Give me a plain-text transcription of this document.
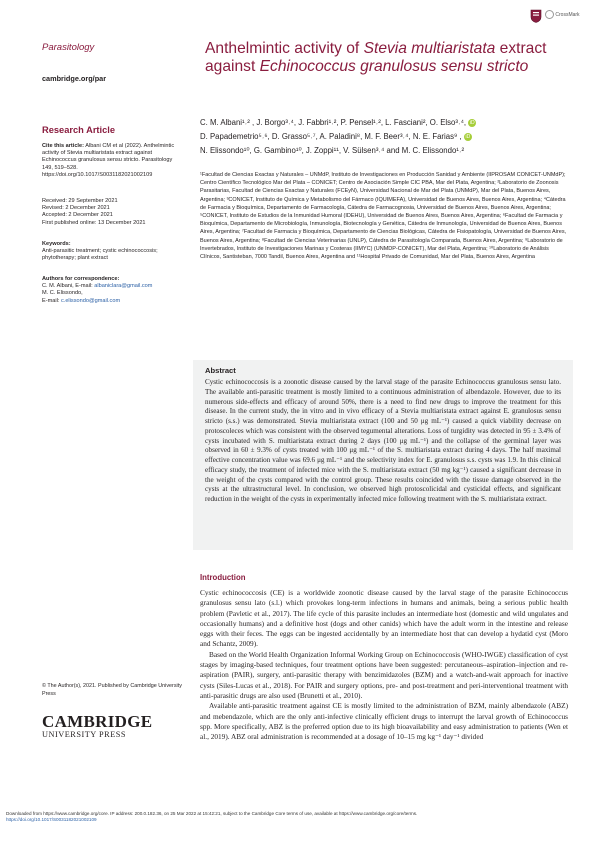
CrossMark
Parasitology
cambridge.org/par
Research Article

Cite this article: Albani CM et al (2022). Anthelmintic activity of Stevia multiaristata extract against Echinococcus granulosus sensu stricto. Parasitology 149, 519–528. https://doi.org/10.1017/S0031182021002109

Received: 29 September 2021

Revised: 2 December 2021

Accepted: 2 December 2021

First published online: 13 December 2021

Keywords:

Anti-parasitic treatment; cystic echinococcosis; phytotherapy; plant extract

Authors for correspondence:

C. M. Albani, E-mail: albaniclara@gmail.com

M. C. Elissondo,

E-mail: c.elissondo@gmail.com

© The Author(s), 2021. Published by Cambridge University Press
CAMBRIDGE
UNIVERSITY PRESS
Anthelmintic activity of Stevia multiaristata extract against Echinococcus granulosus sensu stricto
C. M. Albani¹˒² , J. Borgo³˒⁴, J. Fabbri¹˒², P. Pensel¹˒², L. Fasciani², O. Elso³˒⁴, iD
D. Papademetrio⁵˒⁶, D. Grasso⁵˒⁷, A. Paladini⁸, M. F. Beer³˒⁴, N. E. Farias⁹ , iD
N. Elissondo¹⁰, G. Gambino¹⁰, J. Zoppi¹¹, V. Sülsen³˒⁴ and M. C. Elissondo¹˒²
¹Facultad de Ciencias Exactas y Naturales – UNMdP, Instituto de Investigaciones en Producción Sanidad y Ambiente (IIPROSAM CONICET-UNMdP); Centro Científico Tecnológico Mar del Plata – CONICET; Centro de Asociación Simple CIC PBA, Mar del Plata, Argentina; ²Laboratorio de Zoonosis Parasitarias, Facultad de Ciencias Exactas y Naturales (FCEyN), Universidad Nacional de Mar del Plata (UNMdP), Mar del Plata, Buenos Aires, Argentina; ³CONICET, Instituto de Química y Metabolismo del Fármaco (IQUIMEFA), Universidad de Buenos Aires, Buenos Aires, Argentina; ⁴Cátedra de Farmacia y Bioquímica, Departamento de Farmacología, Cátedra de Farmacognosia, Universidad de Buenos Aires, Buenos Aires, Argentina; ⁵CONICET, Instituto de Estudios de la Inmunidad Humoral (IDEHU), Universidad de Buenos Aires, Buenos Aires, Argentina; ⁶Facultad de Farmacia y Bioquímica, Departamento de Microbiología, Inmunología, Biotecnología y Genética, Cátedra de Inmunología, Universidad de Buenos Aires, Buenos Aires, Argentina; ⁷Facultad de Farmacia y Bioquímica, Departamento de Ciencias Biológicas, Cátedra de Fisiopatología, Universidad de Buenos Aires, Buenos Aires, Argentina; ⁸Facultad de Ciencias Veterinarias (UNLP), Cátedra de Parasitología Comparada, Buenos Aires, Argentina; ⁹Laboratorio de Invertebrados, Instituto de Investigaciones Marinas y Costeras (IIMYC) (UNMDP-CONICET), Mar del Plata, Argentina; ¹⁰Laboratorio de Análisis Clínicos, Santisteban, 7000 Tandil, Buenos Aires, Argentina and ¹¹Hospital Privado de Comunidad, Mar del Plata, Buenos Aires, Argentina
Abstract
Cystic echinococcosis is a zoonotic disease caused by the larval stage of the parasite Echinococcus granulosus sensu lato. The available anti-parasitic treatment is mostly limited to a continuous administration of albendazole. However, due to its numerous side-effects and efficacy of around 50%, there is a need to find new drugs to improve the treatment for this disease. In the current study, the in vitro and in vivo efficacy of a Stevia multiaristata extract against E. granulosus sensu stricto (s.s.) was demonstrated. Stevia multiaristata extract (100 and 50 μg mL⁻¹) caused a quick viability decrease on protoscoleces which was consistent with the observed tegumental alterations. Loss of turgidity was detected in 95 ± 3.4% of cysts incubated with S. multiaristata extract during 2 days (100 μg mL⁻¹) and the collapse of the germinal layer was observed in 60 ± 9.3% of cysts treated with 100 μg mL⁻¹ of the S. multiaristata extract during 4 days. The half maximal effective concentration value was 69.6 μg mL⁻¹ and the selectivity index for E. granulosus s.s. cysts was 1.9. In this clinical efficacy study, the treatment of infected mice with the S. multiaristata extract (50 mg kg⁻¹) caused a significant decrease in the weight of the cysts compared with the control group. These results coincided with the tissue damage observed in the cysts at the ultrastructural level. In conclusion, we observed high protoscolicidal and cysticidal effects, and significant reduction in the weight of the cysts in experimentally infected mice following treatment with the S. multiaristata extract.
Introduction

Cystic echinococcosis (CE) is a worldwide zoonotic disease caused by the larval stage of the parasite Echinococcus granulosus sensu lato (s.l.) which provokes long-term infections in humans and animals, being a serious public health problem (Pavletic et al., 2017). The life cycle of this parasite includes an intermediate host (domestic and wild ungulates and occasionally humans) and a definitive host (dogs and other canids) which have the adult worm in the intestine and release eggs with their feces. The eggs can be ingested accidentally by an intermediate host that can develop a hydatid cyst (Moro and Schantz, 2009).

Based on the World Health Organization Informal Working Group on Echinococcosis (WHO-IWGE) classification of cyst stages by imaging-based techniques, four treatment options have been suggested: percutaneous–aspiration–injection and re-aspiration (PAIR), surgery, anti-parasitic therapy with benzimidazoles (BZM) and a watch-and-wait approach for inactive cysts (Siles-Lucas et al., 2018). For PAIR and surgery options, pre- and post-treatment and peri-interventional treatment with anti-parasitic drugs are also used (Brunetti et al., 2010).

Available anti-parasitic treatment against CE is mostly limited to the administration of BZM, mainly albendazole (ABZ) and mebendazole, which are the only anti-infective clinically efficient drugs to interrupt the larval growth of Echinococcus spp. More specifically, ABZ is the preferred option due to its high bioavailability and easy administration to patients (Wen et al., 2019). ABZ oral administration is recommended at a dosage of 10–15 mg kg⁻¹ day⁻¹ divided

Downloaded from https://www.cambridge.org/core. IP address: 200.0.182.36, on 25 Mar 2022 at 15:42:21, subject to the Cambridge Core terms of use, available at https://www.cambridge.org/core/terms.
https://doi.org/10.1017/S0031182021002109
